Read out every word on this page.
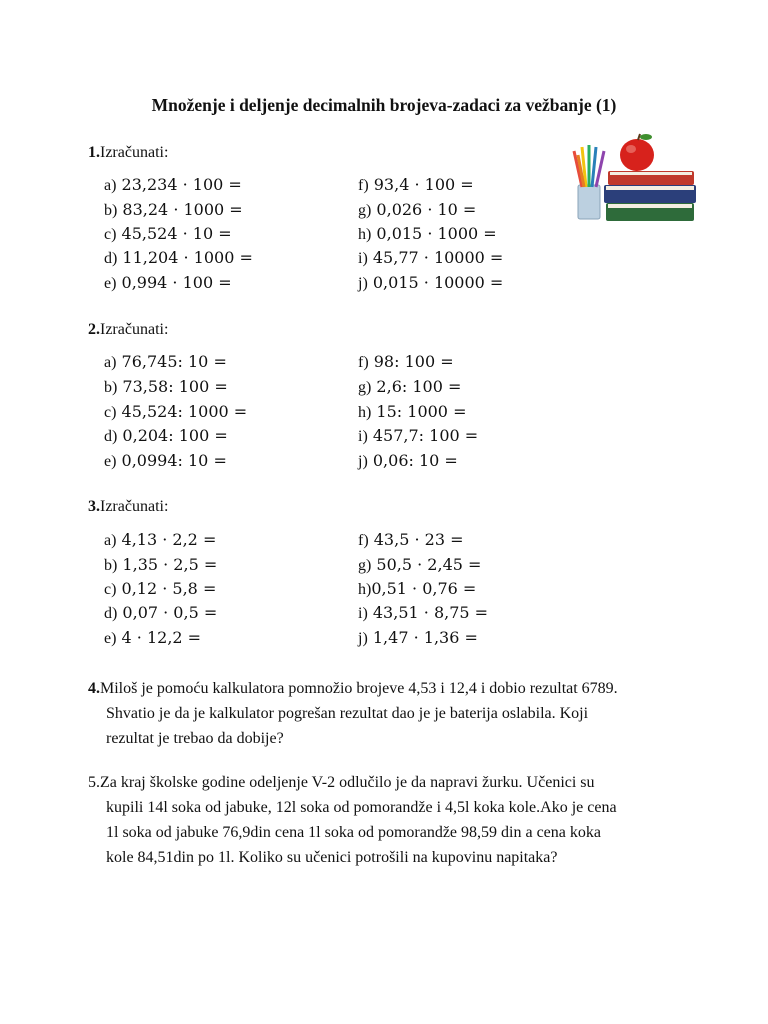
Množenje i deljenje decimalnih brojeva-zadaci za vežbanje (1)
1.Izračunati:
a) 23,234 · 100 =
b) 83,24 · 1000 =
c) 45,524 · 10 =
d) 11,204 · 1000 =
e) 0,994 · 100 =
f) 93,4 · 100 =
g) 0,026 · 10 =
h) 0,015 · 1000 =
i) 45,77 · 10000 =
j) 0,015 · 10000 =
2.Izračunati:
a) 76,745: 10 =
b) 73,58: 100 =
c) 45,524: 1000 =
d) 0,204: 100 =
e) 0,0994: 10 =
f) 98: 100 =
g) 2,6: 100 =
h) 15: 1000 =
i) 457,7: 100 =
j) 0,06: 10 =
3.Izračunati:
a) 4,13 · 2,2 =
b) 1,35 · 2,5 =
c) 0,12 · 5,8 =
d) 0,07 · 0,5 =
e) 4 · 12,2 =
f) 43,5 · 23 =
g) 50,5 · 2,45 =
h)0,51 · 0,76 =
i) 43,51 · 8,75 =
j) 1,47 · 1,36 =

4.Miloš je pomoću kalkulatora pomnožio brojeve 4,53 i 12,4 i dobio rezultat 6789.

Shvatio je da je kalkulator pogrešan rezultat dao je je baterija oslabila. Koji

rezultat je trebao da dobije?

5.Za kraj školske godine odeljenje V-2 odlučilo je da napravi žurku. Učenici su

kupili 14l soka od jabuke, 12l soka od pomorandže i 4,5l koka kole.Ako je cena

1l soka od jabuke 76,9din cena 1l soka od pomorandže 98,59 din a cena koka

kole 84,51din po 1l. Koliko su učenici potrošili na kupovinu napitaka?
